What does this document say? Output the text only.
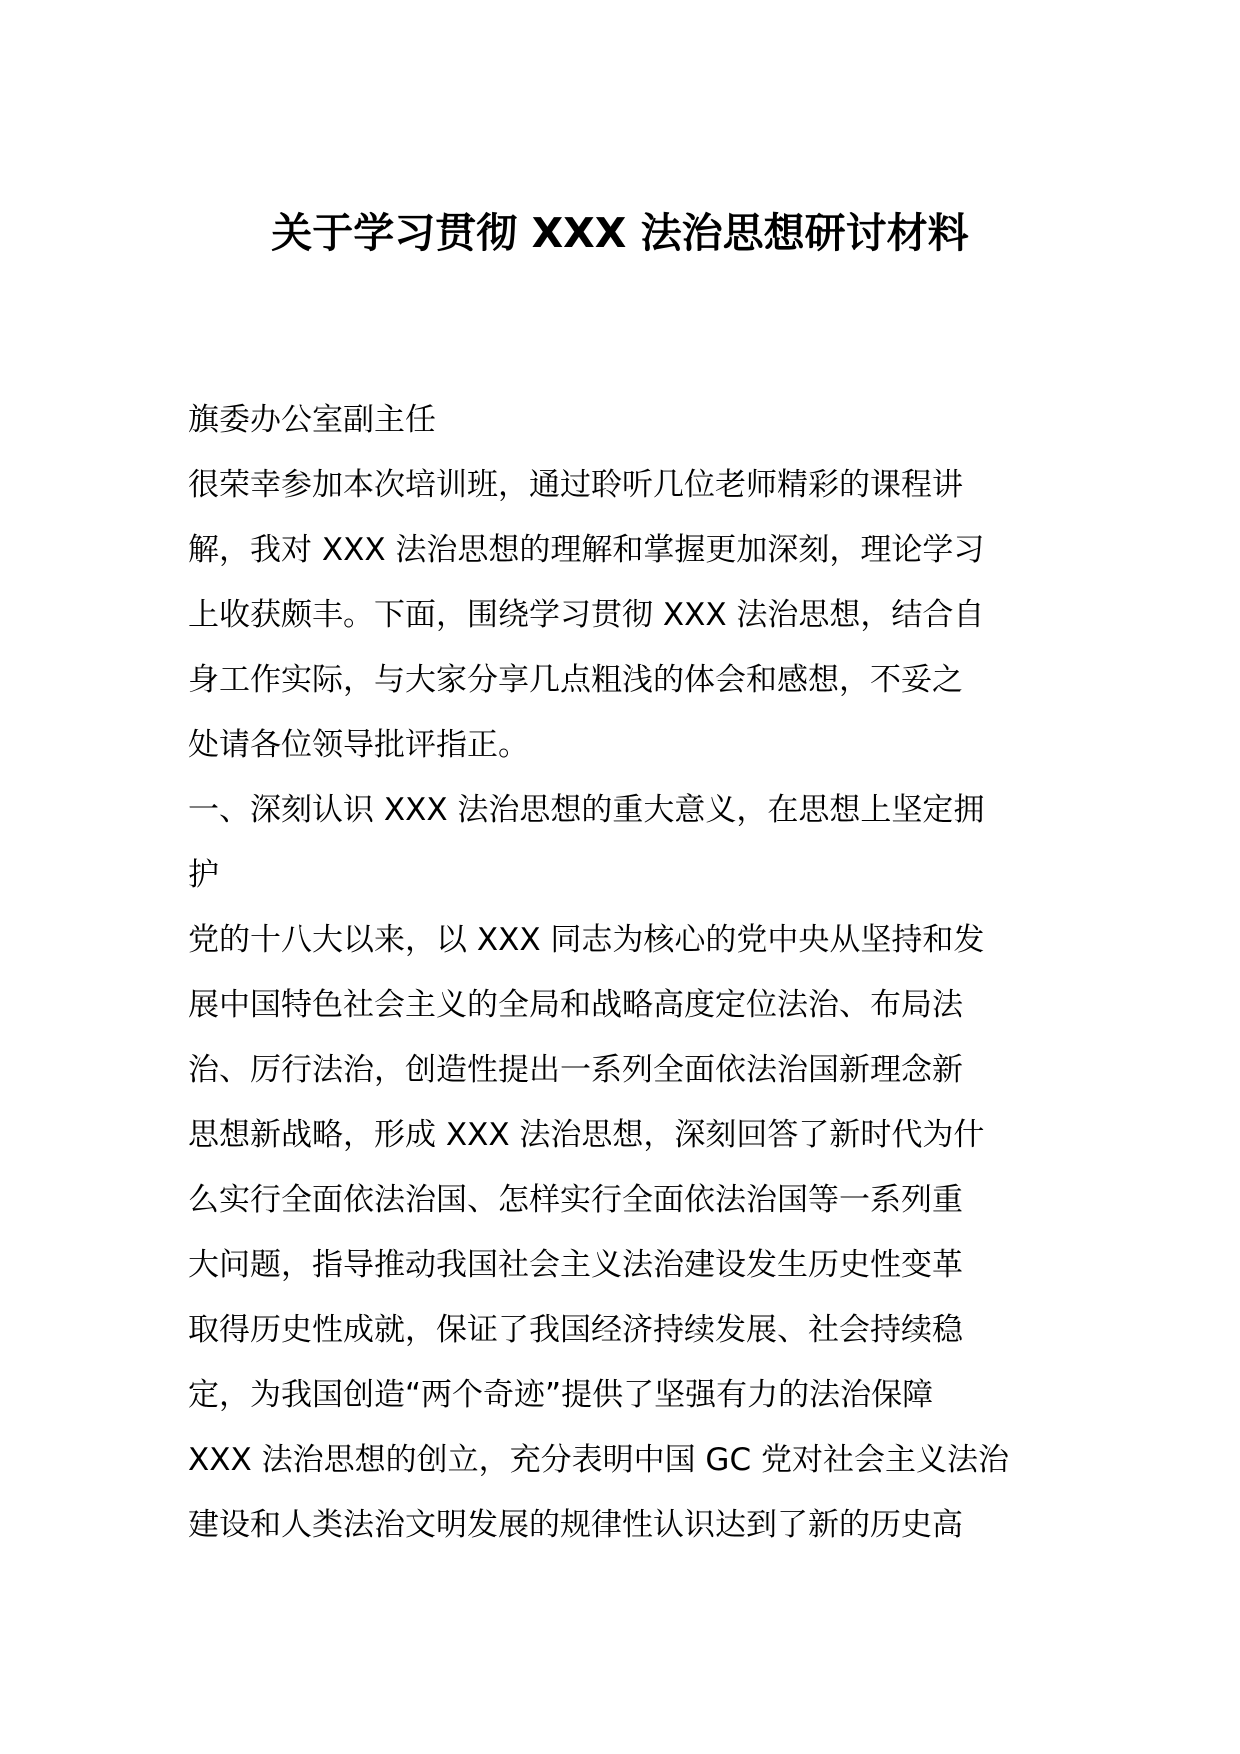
关于学习贯彻 XXX 法治思想研讨材料
旗委办公室副主任
很荣幸参加本次培训班，通过聆听几位老师精彩的课程讲
解，我对 XXX 法治思想的理解和掌握更加深刻，理论学习
上收获颇丰。下面，围绕学习贯彻 XXX 法治思想，结合自
身工作实际，与大家分享几点粗浅的体会和感想，不妥之
处请各位领导批评指正。
一、深刻认识 XXX 法治思想的重大意义，在思想上坚定拥
护
党的十八大以来，以 XXX 同志为核心的党中央从坚持和发
展中国特色社会主义的全局和战略高度定位法治、布局法
治、厉行法治，创造性提出一系列全面依法治国新理念新
思想新战略，形成 XXX 法治思想，深刻回答了新时代为什
么实行全面依法治国、怎样实行全面依法治国等一系列重
大问题，指导推动我国社会主义法治建设发生历史性变革
取得历史性成就，保证了我国经济持续发展、社会持续稳
定，为我国创造“两个奇迹”提供了坚强有力的法治保障
XXX 法治思想的创立，充分表明中国 GC 党对社会主义法治
建设和人类法治文明发展的规律性认识达到了新的历史高
